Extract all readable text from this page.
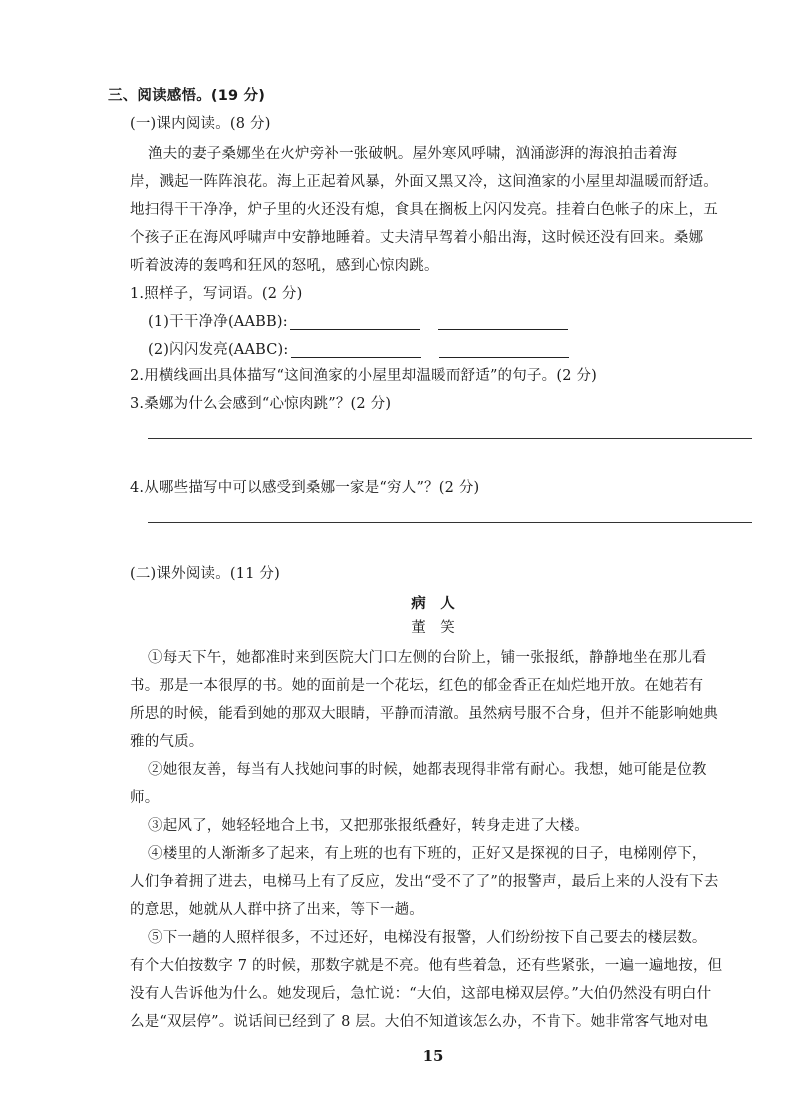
三、阅读感悟。(19 分)
(一)课内阅读。(8 分)
渔夫的妻子桑娜坐在火炉旁补一张破帆。屋外寒风呼啸，汹涌澎湃的海浪拍击着海
岸，溅起一阵阵浪花。海上正起着风暴，外面又黑又冷，这间渔家的小屋里却温暖而舒适。
地扫得干干净净，炉子里的火还没有熄，食具在搁板上闪闪发亮。挂着白色帐子的床上，五
个孩子正在海风呼啸声中安静地睡着。丈夫清早驾着小船出海，这时候还没有回来。桑娜
听着波涛的轰鸣和狂风的怒吼，感到心惊肉跳。
1.照样子，写词语。(2 分)
(1)干干净净(AABB):
(2)闪闪发亮(AABC):
2.用横线画出具体描写“这间渔家的小屋里却温暖而舒适”的句子。(2 分)
3.桑娜为什么会感到“心惊肉跳”？(2 分)
4.从哪些描写中可以感受到桑娜一家是“穷人”？(2 分)
(二)课外阅读。(11 分)
病　人
董　笑
①每天下午，她都准时来到医院大门口左侧的台阶上，铺一张报纸，静静地坐在那儿看
书。那是一本很厚的书。她的面前是一个花坛，红色的郁金香正在灿烂地开放。在她若有
所思的时候，能看到她的那双大眼睛，平静而清澈。虽然病号服不合身，但并不能影响她典
雅的气质。
②她很友善，每当有人找她问事的时候，她都表现得非常有耐心。我想，她可能是位教
师。
③起风了，她轻轻地合上书，又把那张报纸叠好，转身走进了大楼。
④楼里的人渐渐多了起来，有上班的也有下班的，正好又是探视的日子，电梯刚停下，
人们争着拥了进去，电梯马上有了反应，发出“受不了了”的报警声，最后上来的人没有下去
的意思，她就从人群中挤了出来，等下一趟。
⑤下一趟的人照样很多，不过还好，电梯没有报警，人们纷纷按下自己要去的楼层数。
有个大伯按数字 7 的时候，那数字就是不亮。他有些着急，还有些紧张，一遍一遍地按，但
没有人告诉他为什么。她发现后，急忙说：“大伯，这部电梯双层停。”大伯仍然没有明白什
么是“双层停”。说话间已经到了 8 层。大伯不知道该怎么办，不肯下。她非常客气地对电
15
